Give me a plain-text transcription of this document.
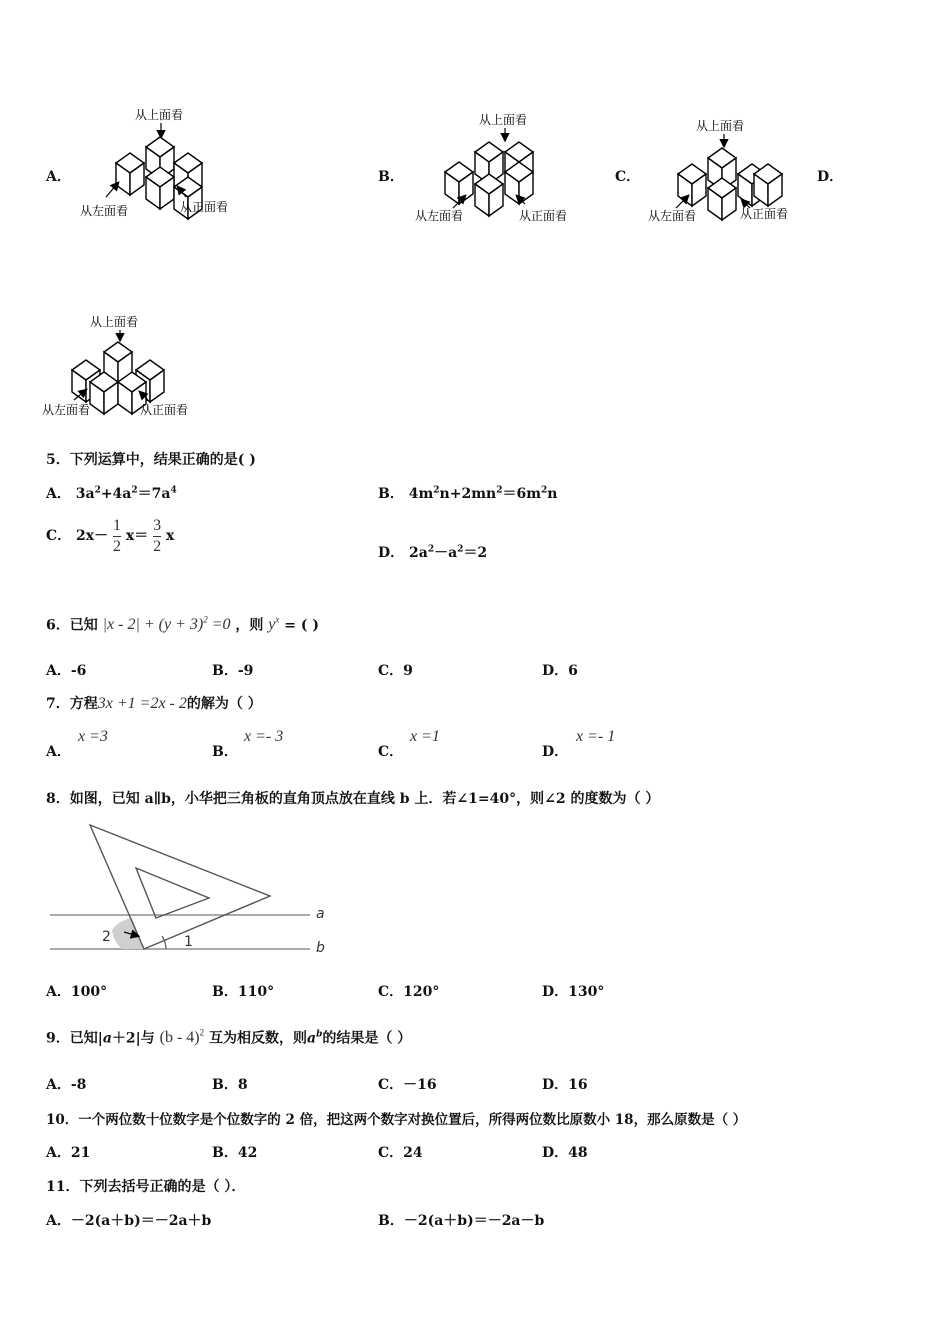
A．
从上面看
从左面看	从正面看
B．
从上面看
从左面看	从正面看
C．
从上面看
从左面看	从正面看
D．
从上面看
从左面看	从正面看
5．下列运算中，结果正确的是( )
A． $3a^2+4a^2=7a^4$	B． $4m^2n+2mn^2=6m^2n$
C． $2x- \frac{1}{2} x= \frac{3}{2}$ x
D． $2a^2-a^2=2$
6．已知 $|x - 2| + (y + 3)^2 =0$ ，则 $y^x$ = ( )
A．-6	B．-9	C．9	D．6
7．方程3x +1 =2x - 2的解为（ ）
A．
x =3
B．
x =- 3
C．
x =1
D．
x =- 1
8．如图，已知 a∥b，小华把三角板的直角顶点放在直线 b 上．若∠1=40°，则∠2 的度数为（ ）
a
b
1
2
A．100°	B．110°	C．120°	D．130°
9．已知|a＋2|与 (b - 4)$^2$ 互为相反数，则$a^b$的结果是（ ）
A．-8	B．8	C．－16	D．16
10．一个两位数十位数字是个位数字的 2 倍，把这两个数字对换位置后，所得两位数比原数小 18，那么原数是（ ）
A．21	B．42	C．24	D．48
11．下列去括号正确的是（ ）．
A．－2(a＋b)＝－2a＋b	B．－2(a＋b)＝－2a－b
